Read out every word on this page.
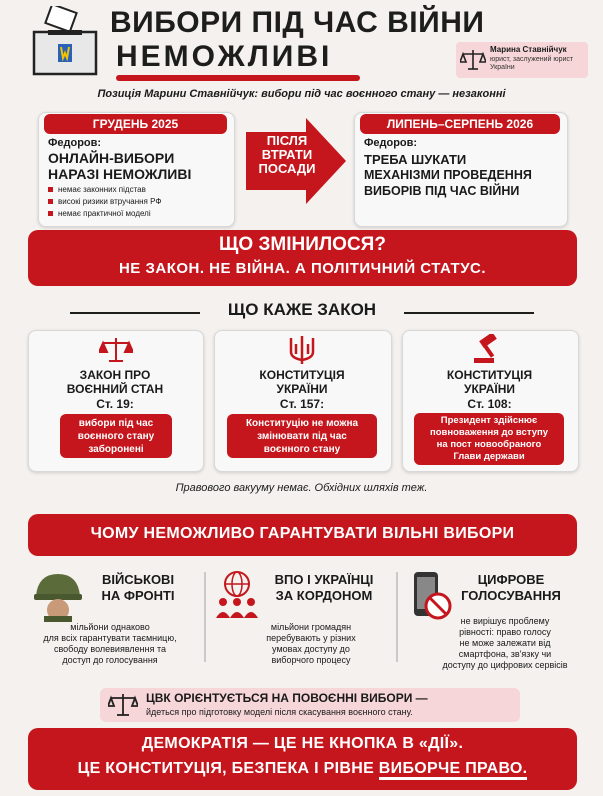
ВИБОРИ ПІД ЧАС ВІЙНИ
НЕМОЖЛИВІ	Марина Ставнійчук
юрист, заслужений юрист України
Позиція Марини Ставнійчук: вибори під час воєнного стану — незаконні
ГРУДЕНЬ 2025
Федоров:
ОНЛАЙН-ВИБОРИ
НАРАЗІ НЕМОЖЛИВІ
немає законних підстав
високі ризики втручання РФ
немає практичної моделі
ПІСЛЯ
ВТРАТИ
ПОСАДИ
ЛИПЕНЬ–СЕРПЕНЬ 2026
Федоров:
ТРЕБА ШУКАТИ
МЕХАНІЗМИ ПРОВЕДЕННЯ
ВИБОРІВ ПІД ЧАС ВІЙНИ
ЩО ЗМІНИЛОСЯ?
НЕ ЗАКОН. НЕ ВІЙНА. А ПОЛІТИЧНИЙ СТАТУС.
ЩО КАЖЕ ЗАКОН
ЗАКОН ПРО
ВОЄННИЙ СТАН
Ст. 19:
вибори під час
воєнного стану
заборонені
КОНСТИТУЦІЯ
УКРАЇНИ
Ст. 157:
Конституцію не можна
змінювати під час
воєнного стану
КОНСТИТУЦІЯ
УКРАЇНИ
Ст. 108:
Президент здійснює
повноваження до вступу
на пост новообраного
Глави держави
Правового вакууму немає. Обхідних шляхів теж.
ЧОМУ НЕМОЖЛИВО ГАРАНТУВАТИ ВІЛЬНІ ВИБОРИ
ВІЙСЬКОВІ
НА ФРОНТІ
мільйони однаково
для всіх гарантувати таємницю,
свободу волевиявлення та
доступ до голосування
ВПО І УКРАЇНЦІ
ЗА КОРДОНОМ
мільйони громадян
перебувають у різних
умовах доступу до
виборчого процесу
ЦИФРОВЕ
ГОЛОСУВАННЯ
не вирішує проблему
рівності: право голосу
не може залежати від
смартфона, зв'язку чи
доступу до цифрових сервісів
ЦВК ОРІЄНТУЄТЬСЯ НА ПОВОЄННІ ВИБОРИ —
йдеться про підготовку моделі після скасування воєнного стану.
ДЕМОКРАТІЯ — ЦЕ НЕ КНОПКА В «ДІЇ».
ЦЕ КОНСТИТУЦІЯ, БЕЗПЕКА І РІВНЕ ВИБОРЧЕ ПРАВО.
